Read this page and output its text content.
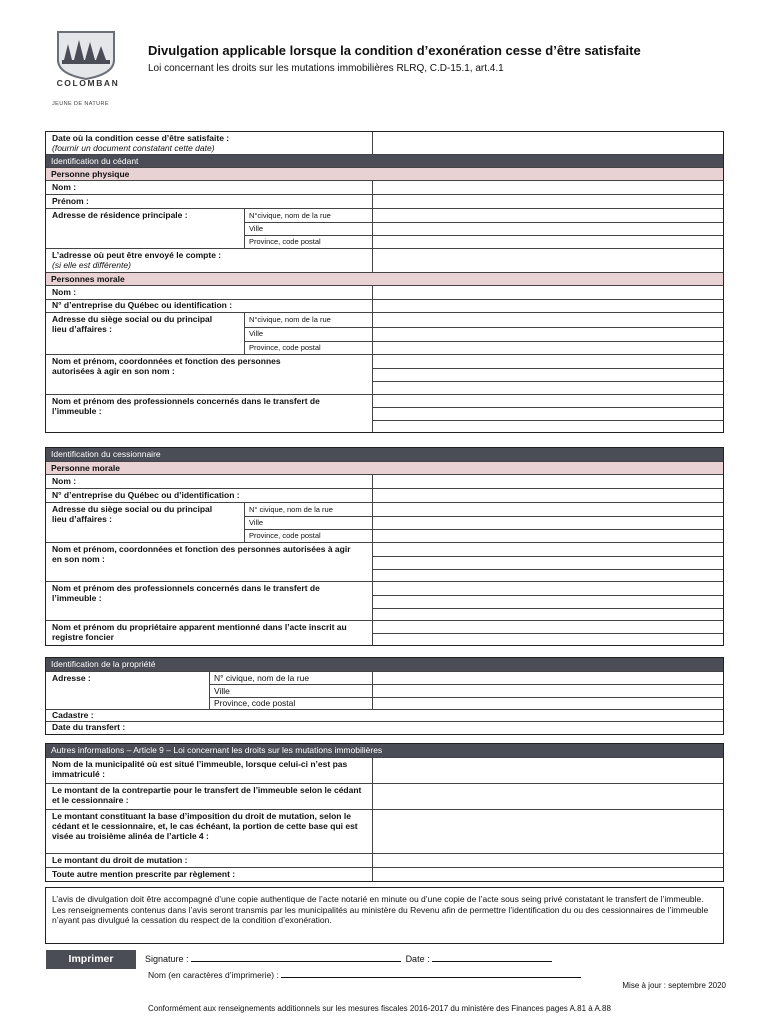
COLOMBAN
JEUNE DE NATURE
Divulgation applicable lorsque la condition d’exonération cesse d’être satisfaite
Loi concernant les droits sur les mutations immobilières RLRQ, C.D-15.1, art.4.1
Date où la condition cesse d’être satisfaite :
(fournir un document constatant cette date)
Identification du cédant
Personne physique
Nom :
Prénom :
Adresse de résidence principale :	N°civique, nom de la rue
Ville
Province, code postal
L’adresse où peut être envoyé le compte :
(si elle est différente)
Personnes morale
Nom :
N° d’entreprise du Québec ou identification :
Adresse du siège social ou du principal lieu d’affaires :
N°civique, nom de la rue
Ville
Province, code postal
Nom et prénom, coordonnées et fonction des personnes autorisées à agir en son nom :
Nom et prénom des professionnels concernés dans le transfert de l’immeuble :
Identification du cessionnaire
Personne morale
Nom :
N° d’entreprise du Québec ou d’identification :
Adresse du siège social ou du principal lieu d’affaires :
N° civique, nom de la rue
Ville
Province, code postal
Nom et prénom, coordonnées et fonction des personnes autorisées à agir en son nom :
Nom et prénom des professionnels concernés dans le transfert de l’immeuble :
Nom et prénom du propriétaire apparent mentionné dans l’acte inscrit au registre foncier
Identification de la propriété
Adresse :	N° civique, nom de la rue
Ville
Province, code postal
Cadastre :
Date du transfert :
Autres informations – Article 9 – Loi concernant les droits sur les mutations immobilières
Nom de la municipalité où est situé l’immeuble, lorsque celui-ci n’est pas immatriculé :
Le montant de la contrepartie pour le transfert de l’immeuble selon le cédant et le cessionnaire :
Le montant constituant la base d’imposition du droit de mutation, selon le cédant et le cessionnaire, et, le cas échéant, la portion de cette base qui est visée au troisième alinéa de l’article 4 :
Le montant du droit de mutation :
Toute autre mention prescrite par règlement :
L’avis de divulgation doit être accompagné d’une copie authentique de l’acte notarié en minute ou d’une copie de l’acte sous seing privé constatant le transfert de l’immeuble.
Les renseignements contenus dans l’avis seront transmis par les municipalités au ministère du Revenu afin de permettre l’identification du ou des cessionnaires de l’immeuble n’ayant pas divulgué la cessation du respect de la condition d’exonération.
Imprimer	Signature :	Date :
Nom (en caractères d’imprimerie) :
Mise à jour : septembre 2020
Conformément aux renseignements additionnels sur les mesures fiscales 2016-2017 du ministère des Finances pages A.81 à A.88
